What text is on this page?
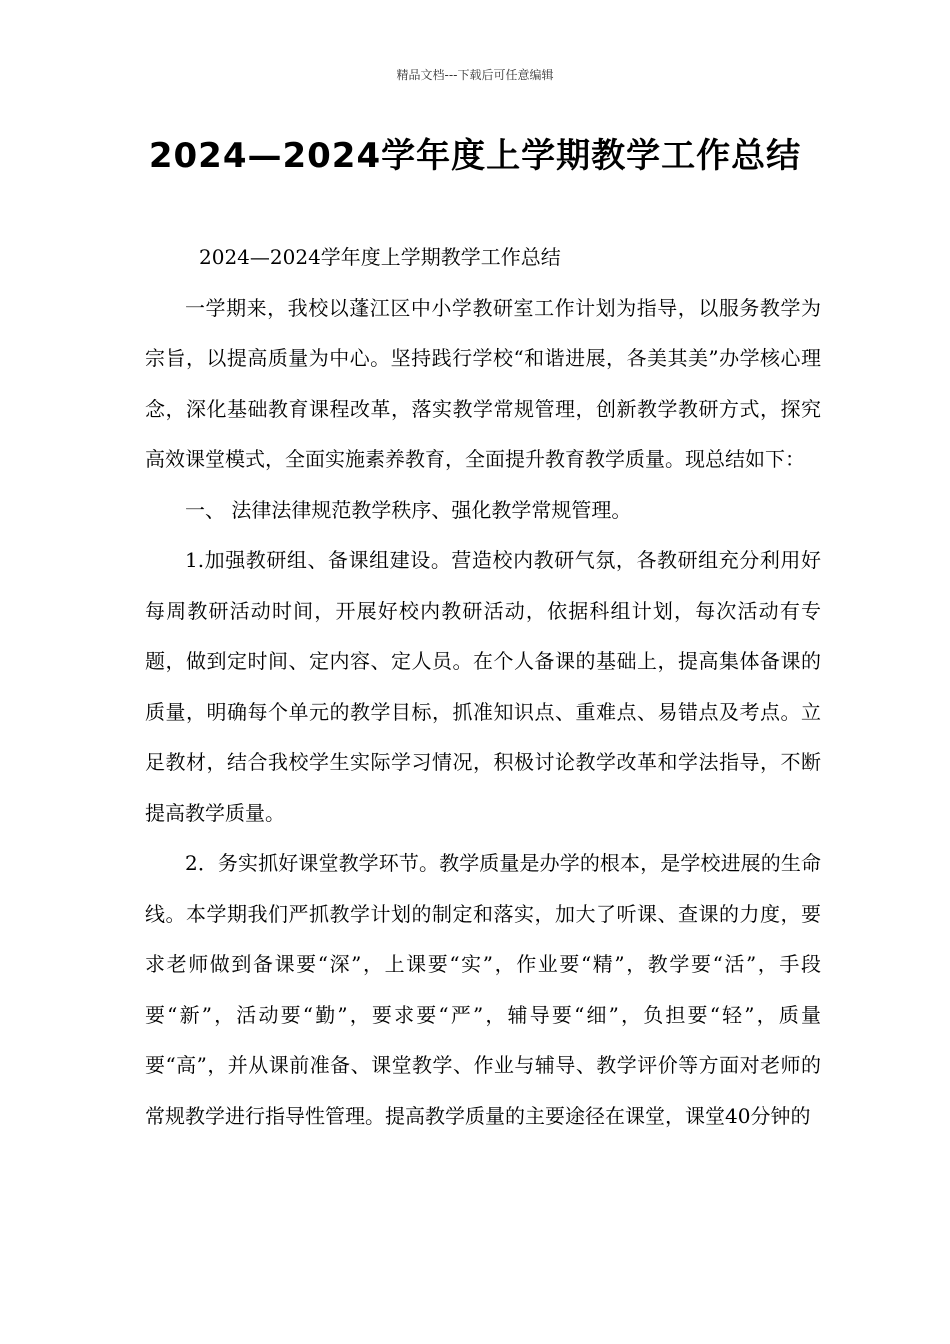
精品文档---下载后可任意编辑
2024—2024学年度上学期教学工作总结

2024—2024学年度上学期教学工作总结

一学期来，我校以蓬江区中小学教研室工作计划为指导，以服务教学为宗旨，以提高质量为中心。坚持践行学校“和谐进展，各美其美”办学核心理念，深化基础教育课程改革，落实教学常规管理，创新教学教研方式，探究高效课堂模式，全面实施素养教育，全面提升教育教学质量。现总结如下：

一、 法律法律规范教学秩序、强化教学常规管理。

1.加强教研组、备课组建设。营造校内教研气氛，各教研组充分利用好每周教研活动时间，开展好校内教研活动，依据科组计划，每次活动有专题，做到定时间、定内容、定人员。在个人备课的基础上，提高集体备课的质量，明确每个单元的教学目标，抓准知识点、重难点、易错点及考点。立足教材，结合我校学生实际学习情况，积极讨论教学改革和学法指导，不断提高教学质量。

2．务实抓好课堂教学环节。教学质量是办学的根本，是学校进展的生命线。本学期我们严抓教学计划的制定和落实，加大了听课、查课的力度，要求老师做到备课要“深”，上课要“实”，作业要“精”，教学要“活”，手段要“新”，活动要“勤”，要求要“严”，辅导要“细”，负担要“轻”，质量要“高”，并从课前准备、课堂教学、作业与辅导、教学评价等方面对老师的常规教学进行指导性管理。提高教学质量的主要途径在课堂，课堂40分钟的
